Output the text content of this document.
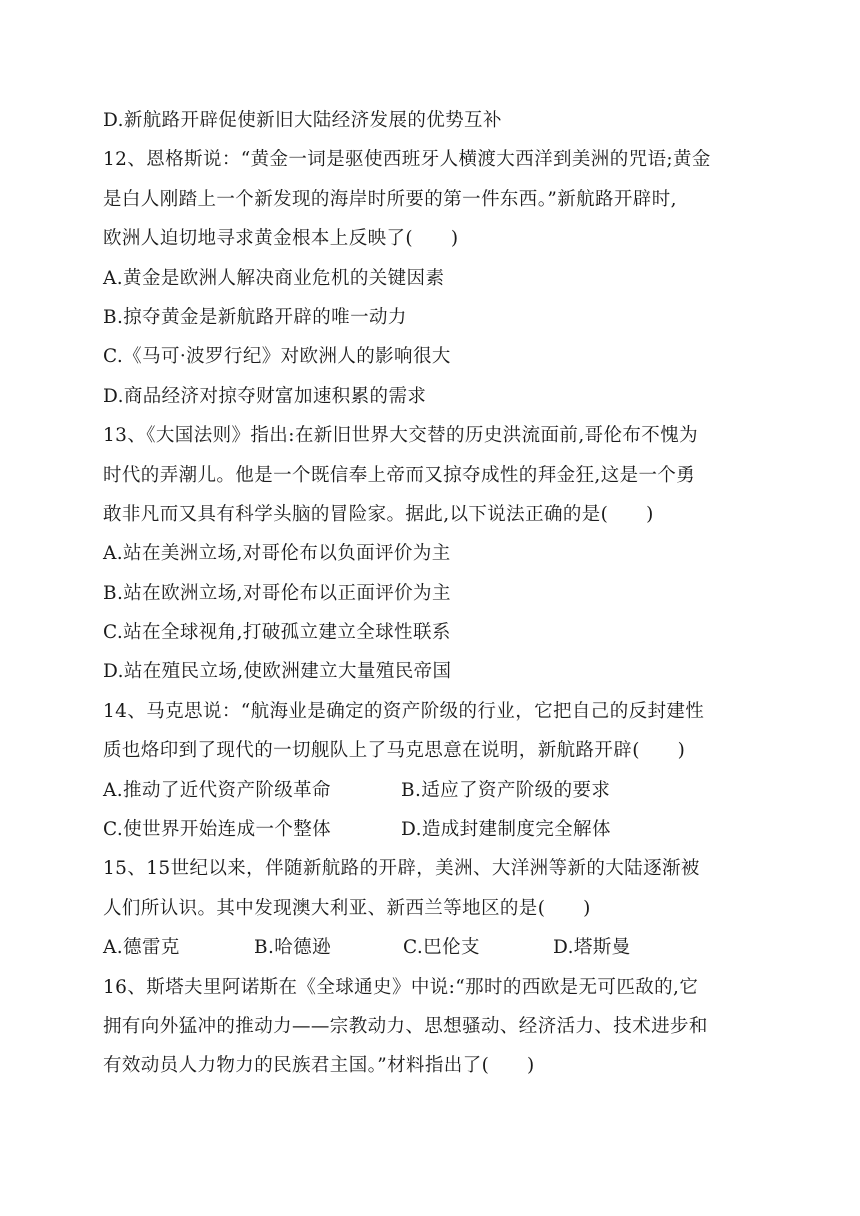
D.新航路开辟促使新旧大陆经济发展的优势互补
12、恩格斯说：“黄金一词是驱使西班牙人横渡大西洋到美洲的咒语;黄金
是白人刚踏上一个新发现的海岸时所要的第一件东西。”新航路开辟时,
欧洲人迫切地寻求黄金根本上反映了(　　)
A.黄金是欧洲人解决商业危机的关键因素
B.掠夺黄金是新航路开辟的唯一动力
C.《马可·波罗行纪》对欧洲人的影响很大
D.商品经济对掠夺财富加速积累的需求
13、《大国法则》指出:在新旧世界大交替的历史洪流面前,哥伦布不愧为
时代的弄潮儿。他是一个既信奉上帝而又掠夺成性的拜金狂,这是一个勇
敢非凡而又具有科学头脑的冒险家。据此,以下说法正确的是(　　)
A.站在美洲立场,对哥伦布以负面评价为主
B.站在欧洲立场,对哥伦布以正面评价为主
C.站在全球视角,打破孤立建立全球性联系
D.站在殖民立场,使欧洲建立大量殖民帝国
14、马克思说：“航海业是确定的资产阶级的行业，它把自己的反封建性
质也烙印到了现代的一切舰队上了马克思意在说明，新航路开辟(　　)
A.推动了近代资产阶级革命	B.适应了资产阶级的要求
C.使世界开始连成一个整体	D.造成封建制度完全解体
15、15世纪以来，伴随新航路的开辟，美洲、大洋洲等新的大陆逐渐被
人们所认识。其中发现澳大利亚、新西兰等地区的是(　　)
A.德雷克	B.哈德逊	C.巴伦支	D.塔斯曼
16、斯塔夫里阿诺斯在《全球通史》中说:“那时的西欧是无可匹敌的,它
拥有向外猛冲的推动力——宗教动力、思想骚动、经济活力、技术进步和
有效动员人力物力的民族君主国。”材料指出了(　　)
